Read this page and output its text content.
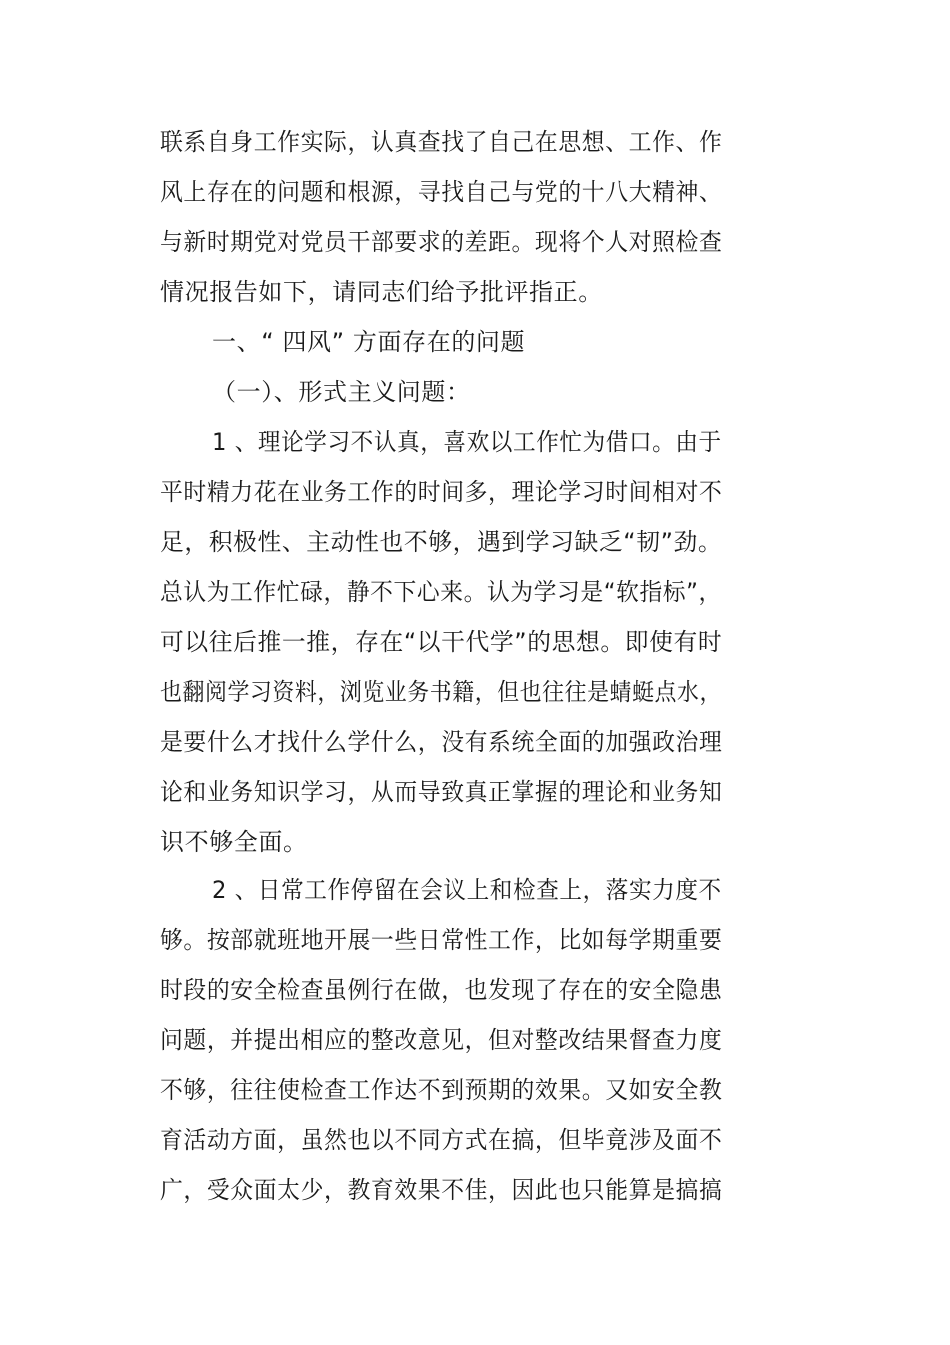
联系自身工作实际，认真查找了自己在思想、工作、作
风上存在的问题和根源，寻找自己与党的十八大精神、
与新时期党对党员干部要求的差距。现将个人对照检查
情况报告如下，请同志们给予批评指正。
一、“ 四风” 方面存在的问题
（一）、形式主义问题：
1 、理论学习不认真，喜欢以工作忙为借口。由于
平时精力花在业务工作的时间多，理论学习时间相对不
足，积极性、主动性也不够，遇到学习缺乏“韧”劲。
总认为工作忙碌，静不下心来。认为学习是“软指标”，
可以往后推一推，存在“以干代学”的思想。即使有时
也翻阅学习资料，浏览业务书籍，但也往往是蜻蜓点水，
是要什么才找什么学什么，没有系统全面的加强政治理
论和业务知识学习，从而导致真正掌握的理论和业务知
识不够全面。
2 、日常工作停留在会议上和检查上，落实力度不
够。按部就班地开展一些日常性工作，比如每学期重要
时段的安全检查虽例行在做，也发现了存在的安全隐患
问题，并提出相应的整改意见，但对整改结果督查力度
不够，往往使检查工作达不到预期的效果。又如安全教
育活动方面，虽然也以不同方式在搞，但毕竟涉及面不
广，受众面太少，教育效果不佳，因此也只能算是搞搞
